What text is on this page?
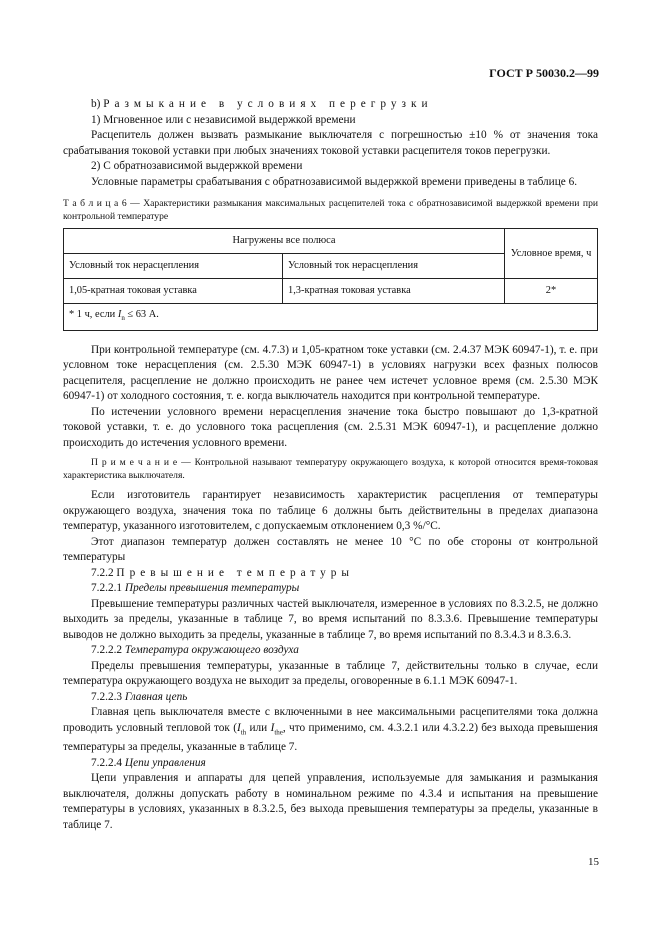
ГОСТ Р 50030.2—99

b) Размыкание в условиях перегрузки

1) Мгновенное или с независимой выдержкой времени

Расцепитель должен вызвать размыкание выключателя с погрешностью ±10 % от значения тока срабатывания токовой уставки при любых значениях токовой уставки расцепителя токов перегрузки.

2) С обратнозависимой выдержкой времени

Условные параметры срабатывания с обратнозависимой выдержкой времени приведены в таблице 6.

Т а б л и ц а 6 — Характеристики размыкания максимальных расцепителей тока с обратнозависимой выдержкой времени при контрольной температуре

Нагружены все полюса		Условное время, ч
Условный ток нерасцепления	Условный ток нерасцепления	
1,05-кратная токовая уставка	1,3-кратная токовая уставка	2*
* 1 ч, если $I_n \le 63$ А.		

При контрольной температуре (см. 4.7.3) и 1,05-кратном токе уставки (см. 2.4.37 МЭК 60947-1), т. е. при условном токе нерасцепления (см. 2.5.30 МЭК 60947-1) в условиях нагрузки всех фазных полюсов расцепителя, расцепление не должно происходить не ранее чем истечет условное время (см. 2.5.30 МЭК 60947-1) от холодного состояния, т. е. когда выключатель находится при контрольной температуре.

По истечении условного времени нерасцепления значение тока быстро повышают до 1,3-кратной токовой уставки, т. е. до условного тока расцепления (см. 2.5.31 МЭК 60947-1), и расцепление должно происходить до истечения условного времени.

П р и м е ч а н и е — Контрольной называют температуру окружающего воздуха, к которой относится время-токовая характеристика выключателя.

Если изготовитель гарантирует независимость характеристик расцепления от температуры окружающего воздуха, значения тока по таблице 6 должны быть действительны в пределах диапазона температур, указанного изготовителем, с допускаемым отклонением 0,3 %/°С.

Этот диапазон температур должен составлять не менее 10 °С по обе стороны от контрольной температуры

7.2.2 Превышение температуры

7.2.2.1 Пределы превышения температуры

Превышение температуры различных частей выключателя, измеренное в условиях по 8.3.2.5, не должно выходить за пределы, указанные в таблице 7, во время испытаний по 8.3.3.6. Превышение температуры выводов не должно выходить за пределы, указанные в таблице 7, во время испытаний по 8.3.4.3 и 8.3.6.3.

7.2.2.2 Температура окружающего воздуха

Пределы превышения температуры, указанные в таблице 7, действительны только в случае, если температура окружающего воздуха не выходит за пределы, оговоренные в 6.1.1 МЭК 60947-1.

7.2.2.3 Главная цепь

Главная цепь выключателя вместе с включенными в нее максимальными расцепителями тока должна проводить условный тепловой ток ($I_{th}$ или $I_{the}$, что применимо, см. 4.3.2.1 или 4.3.2.2) без выхода превышения температуры за пределы, указанные в таблице 7.

7.2.2.4 Цепи управления

Цепи управления и аппараты для цепей управления, используемые для замыкания и размыкания выключателя, должны допускать работу в номинальном режиме по 4.3.4 и испытания на превышение температуры в условиях, указанных в 8.3.2.5, без выхода превышения температуры за пределы, указанные в таблице 7.

15
